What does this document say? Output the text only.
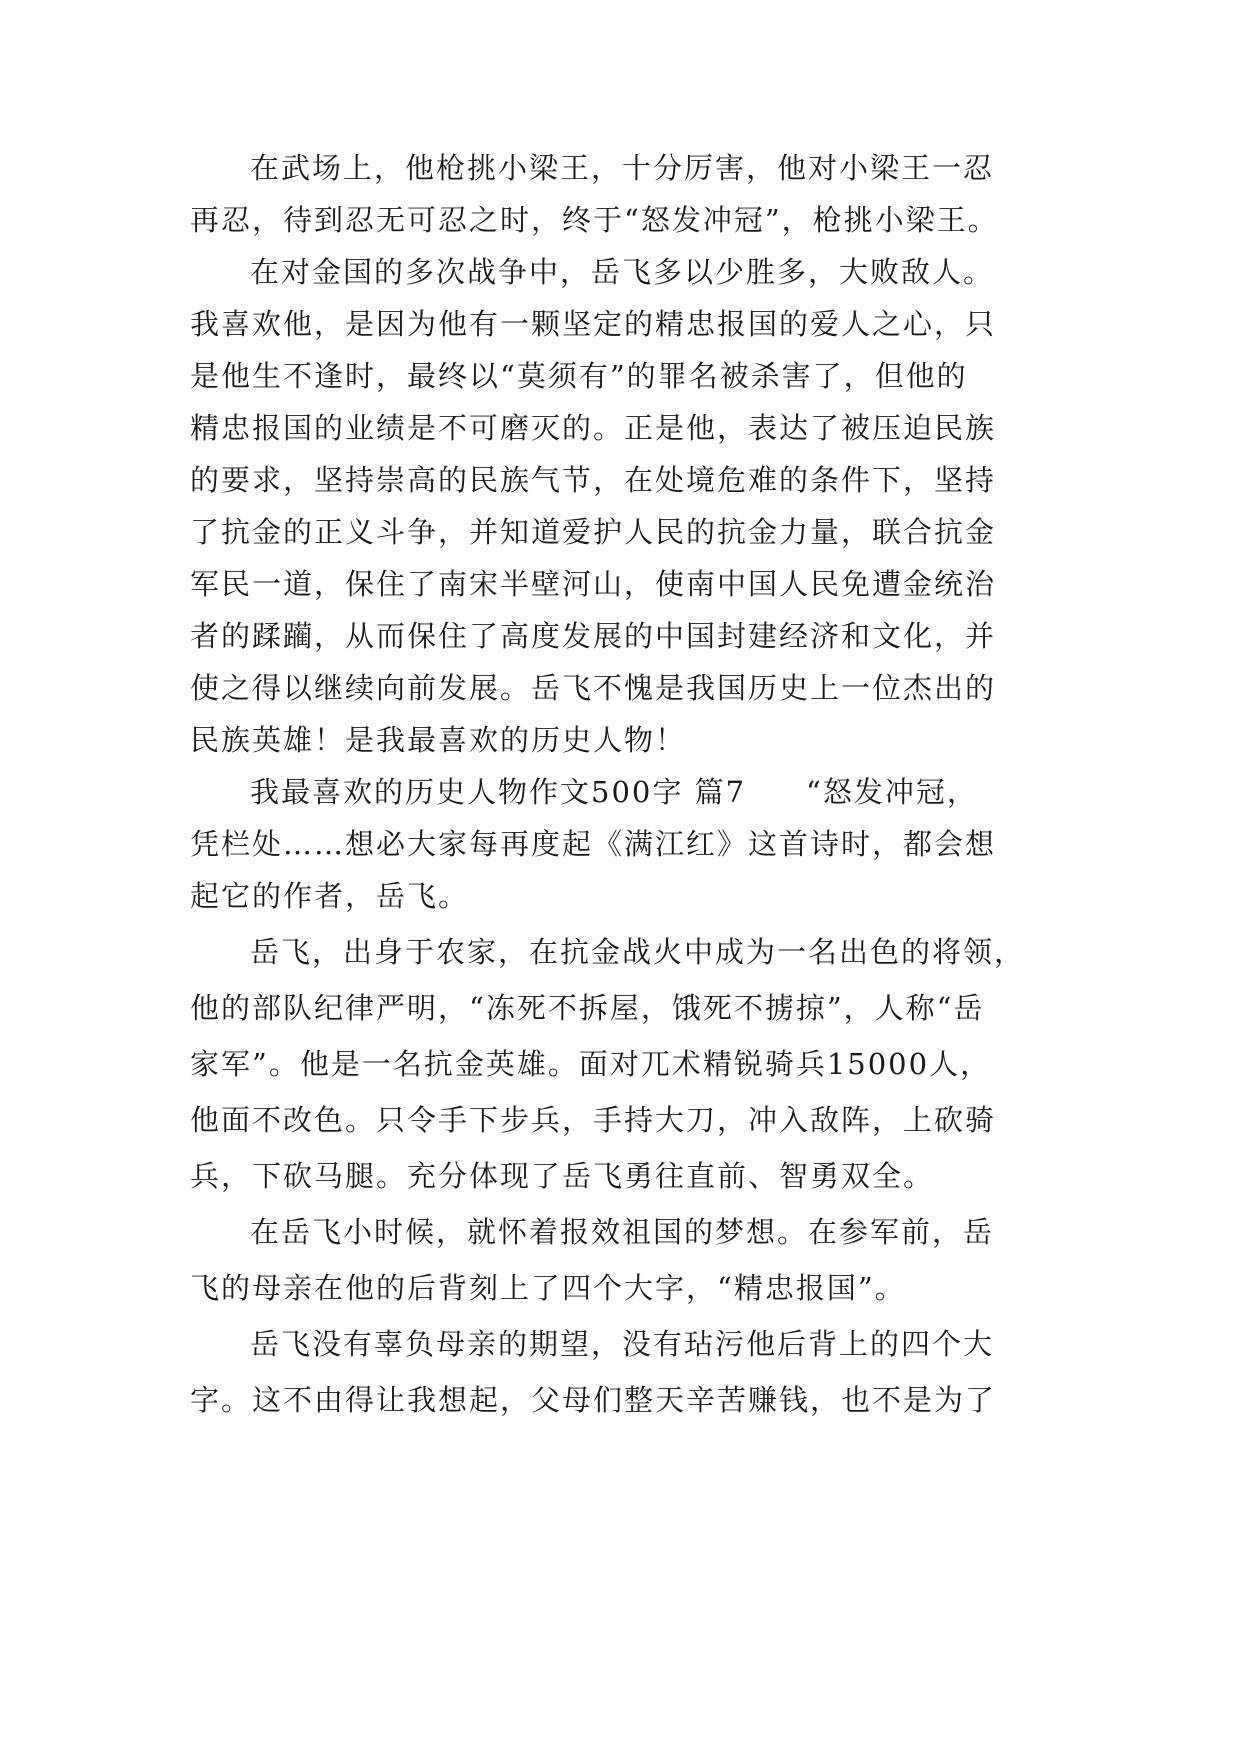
在武场上，他枪挑小梁王，十分厉害，他对小梁王一忍
再忍，待到忍无可忍之时，终于“怒发冲冠”，枪挑小梁王。
在对金国的多次战争中，岳飞多以少胜多，大败敌人。
我喜欢他，是因为他有一颗坚定的精忠报国的爱人之心，只
是他生不逢时，最终以“莫须有”的罪名被杀害了，但他的
精忠报国的业绩是不可磨灭的。正是他，表达了被压迫民族
的要求，坚持崇高的民族气节，在处境危难的条件下，坚持
了抗金的正义斗争，并知道爱护人民的抗金力量，联合抗金
军民一道，保住了南宋半壁河山，使南中国人民免遭金统治
者的蹂躏，从而保住了高度发展的中国封建经济和文化，并
使之得以继续向前发展。岳飞不愧是我国历史上一位杰出的
民族英雄！是我最喜欢的历史人物！
我最喜欢的历史人物作文500字 篇7 “怒发冲冠，
凭栏处……想必大家每再度起《满江红》这首诗时，都会想
起它的作者，岳飞。
岳飞，出身于农家，在抗金战火中成为一名出色的将领，
他的部队纪律严明，“冻死不拆屋，饿死不掳掠”，人称“岳
家军”。他是一名抗金英雄。面对兀术精锐骑兵15000人，
他面不改色。只令手下步兵，手持大刀，冲入敌阵，上砍骑
兵，下砍马腿。充分体现了岳飞勇往直前、智勇双全。
在岳飞小时候，就怀着报效祖国的梦想。在参军前，岳
飞的母亲在他的后背刻上了四个大字，“精忠报国”。
岳飞没有辜负母亲的期望，没有玷污他后背上的四个大
字。这不由得让我想起，父母们整天辛苦赚钱，也不是为了
